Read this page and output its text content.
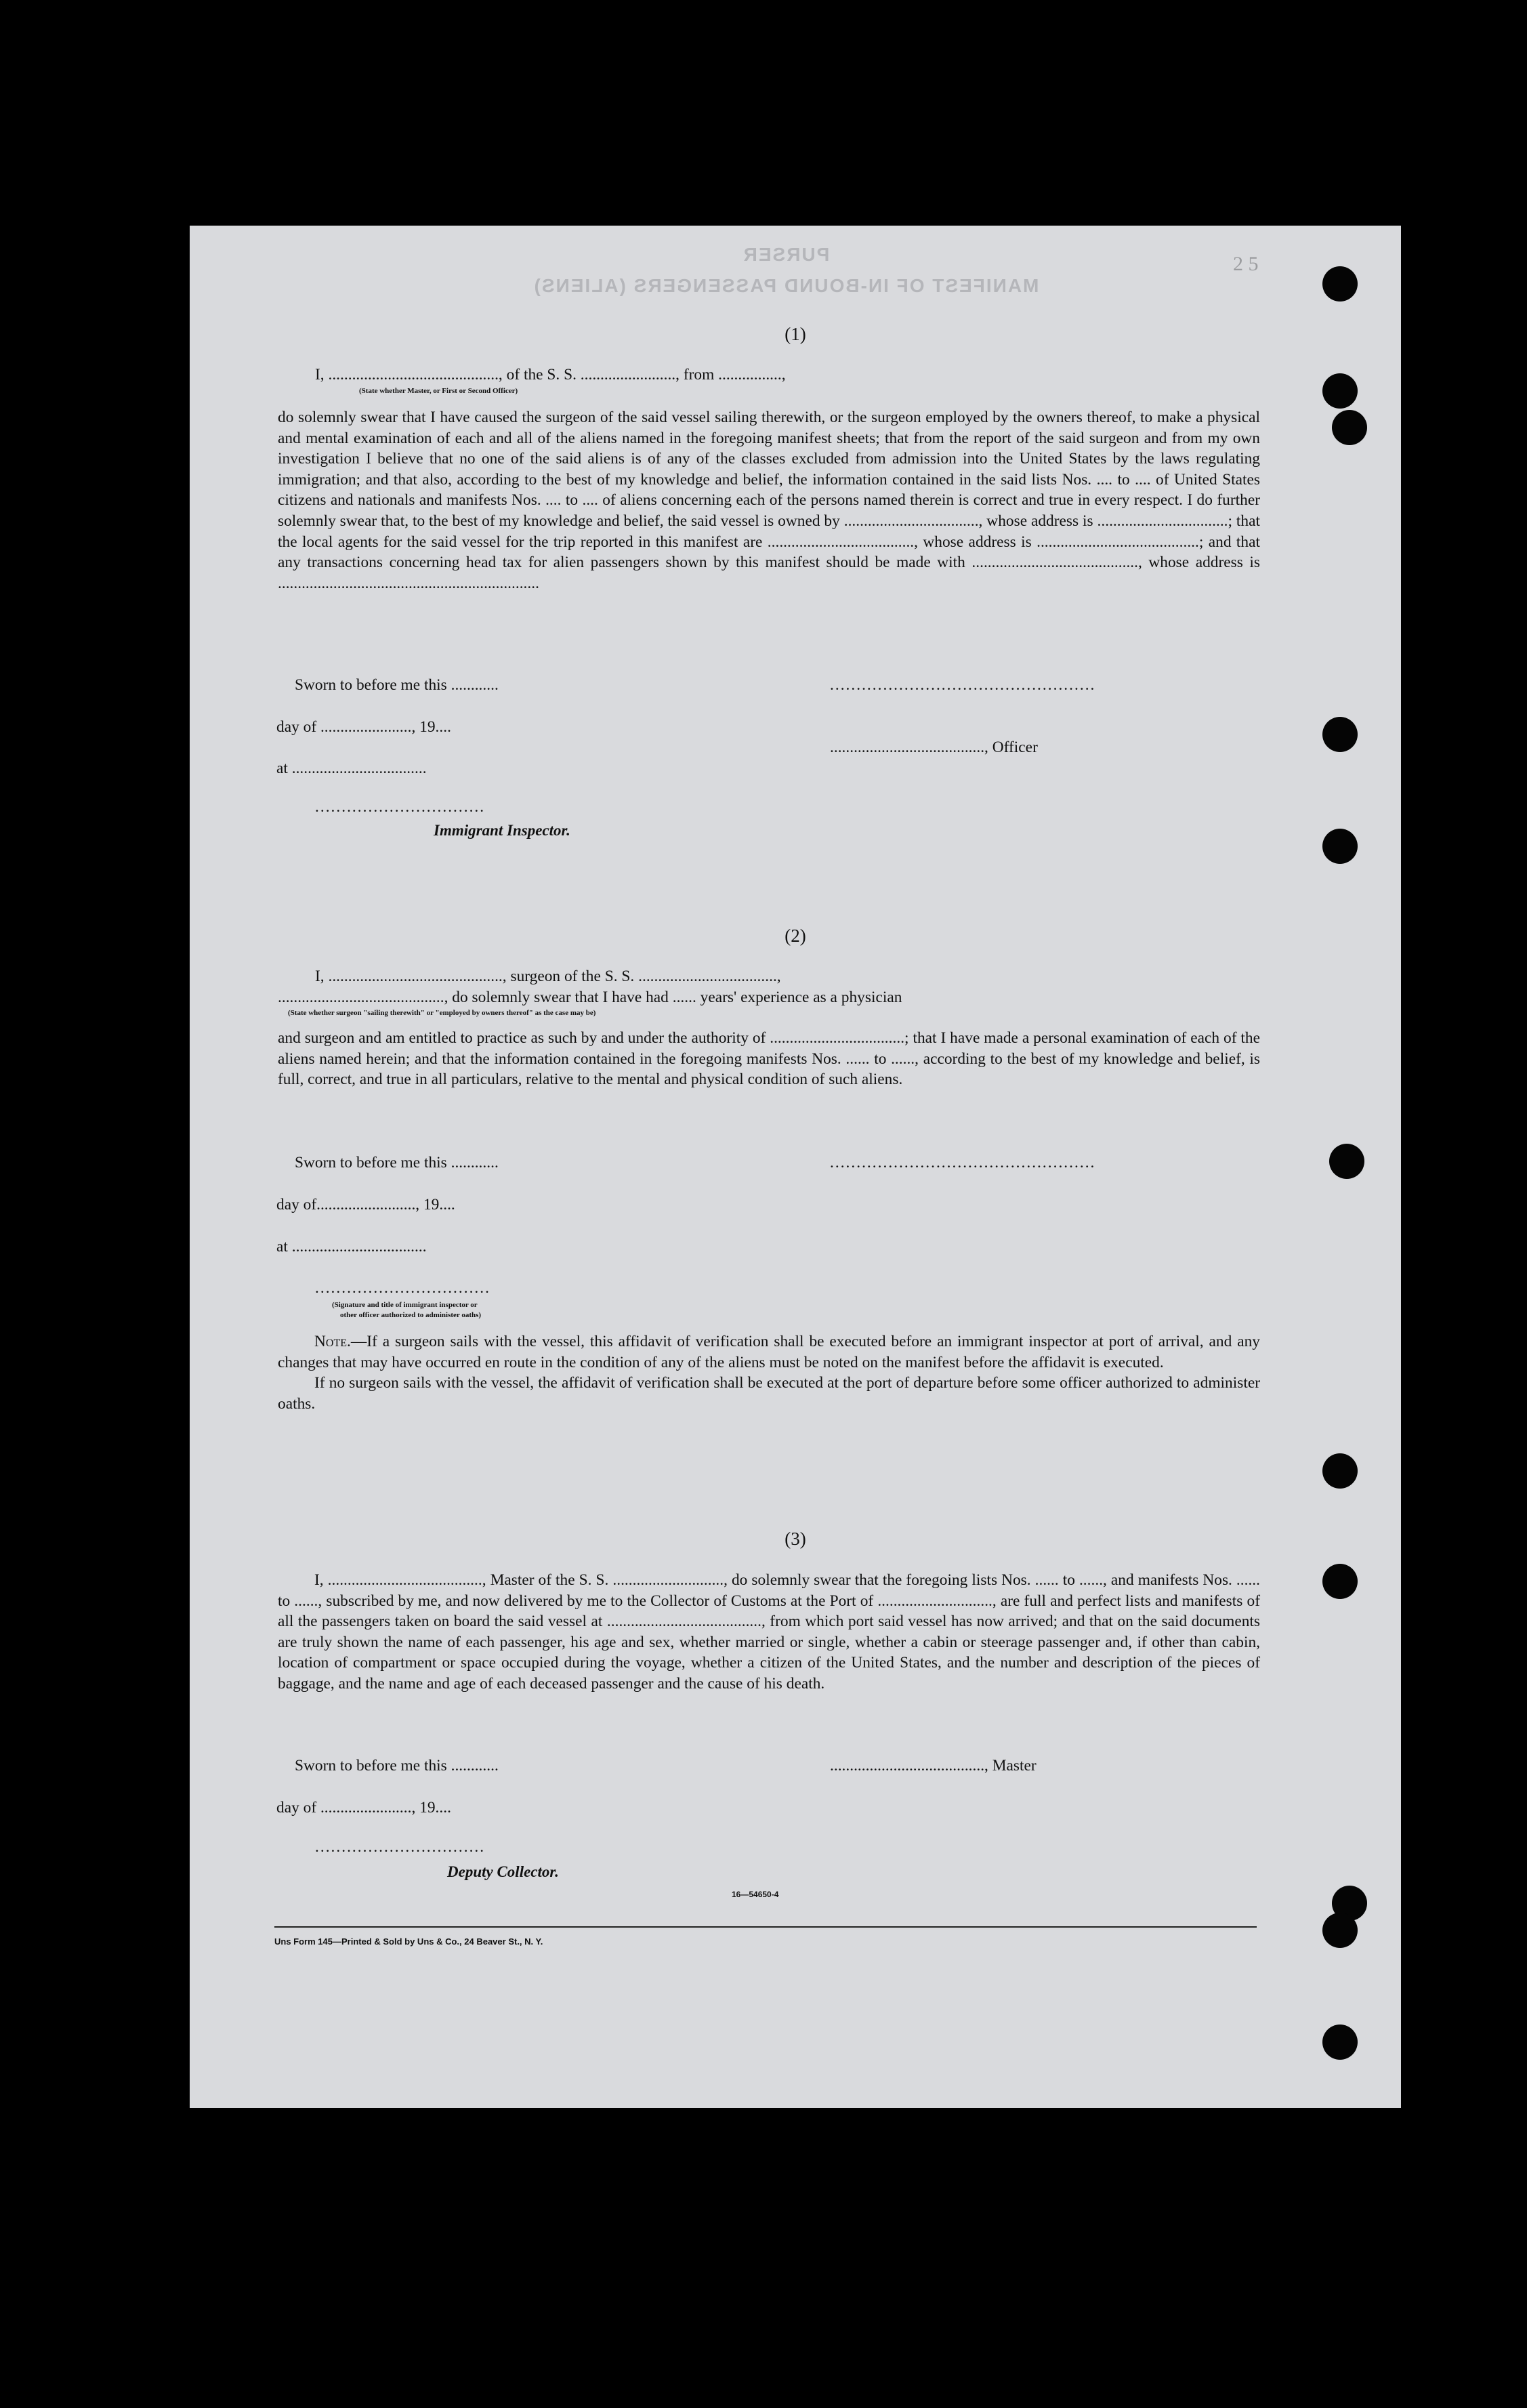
PURSER
MANIFEST OF IN-BOUND PASSENGERS (ALIENS)
2 5
(1)
I, ..........................................., of the S. S. ........................, from ................,
(State whether Master, or First or Second Officer)

do solemnly swear that I have caused the surgeon of the said vessel sailing therewith, or the surgeon employed by the owners thereof, to make a physical and mental examination of each and all of the aliens named in the foregoing manifest sheets; that from the report of the said surgeon and from my own investigation I believe that no one of the said aliens is of any of the classes excluded from admission into the United States by the laws regulating immigration; and that also, according to the best of my knowledge and belief, the information contained in the said lists Nos. .... to .... of United States citizens and nationals and manifests Nos. .... to .... of aliens concerning each of the persons named therein is correct and true in every respect. I do further solemnly swear that, to the best of my knowledge and belief, the said vessel is owned by .................................., whose address is .................................; that the local agents for the said vessel for the trip reported in this manifest are ....................................., whose address is .........................................; and that any transactions concerning head tax for alien passengers shown by this manifest should be made with .........................................., whose address is ..................................................................

Sworn to before me this ............	..................................................
day of ......................., 19....
......................................., Officer
at ..................................
................................
Immigrant Inspector.
(2)
I, ............................................, surgeon of the S. S. ...................................,
.........................................., do solemnly swear that I have had ...... years' experience as a physician
(State whether surgeon "sailing therewith" or "employed by owners thereof" as the case may be)

and surgeon and am entitled to practice as such by and under the authority of ..................................; that I have made a personal examination of each of the aliens named herein; and that the information contained in the foregoing manifests Nos. ...... to ......, according to the best of my knowledge and belief, is full, correct, and true in all particulars, relative to the mental and physical condition of such aliens.

Sworn to before me this ............	..................................................
day of........................., 19....
at ..................................
.................................
(Signature and title of immigrant inspector or
other officer authorized to administer oaths)

Note.—If a surgeon sails with the vessel, this affidavit of verification shall be executed before an immigrant inspector at port of arrival, and any changes that may have occurred en route in the condition of any of the aliens must be noted on the manifest before the affidavit is executed.

If no surgeon sails with the vessel, the affidavit of verification shall be executed at the port of departure before some officer authorized to administer oaths.

(3)

I, ......................................., Master of the S. S. ............................, do solemnly swear that the foregoing lists Nos. ...... to ......, and manifests Nos. ...... to ......, subscribed by me, and now delivered by me to the Collector of Customs at the Port of ............................., are full and perfect lists and manifests of all the passengers taken on board the said vessel at ......................................., from which port said vessel has now arrived; and that on the said documents are truly shown the name of each passenger, his age and sex, whether married or single, whether a cabin or steerage passenger and, if other than cabin, location of compartment or space occupied during the voyage, whether a citizen of the United States, and the number and description of the pieces of baggage, and the name and age of each deceased passenger and the cause of his death.

Sworn to before me this ............	......................................., Master
day of ......................., 19....
................................
Deputy Collector.
16—54650-4
Uns Form 145—Printed & Sold by Uns & Co., 24 Beaver St., N. Y.
